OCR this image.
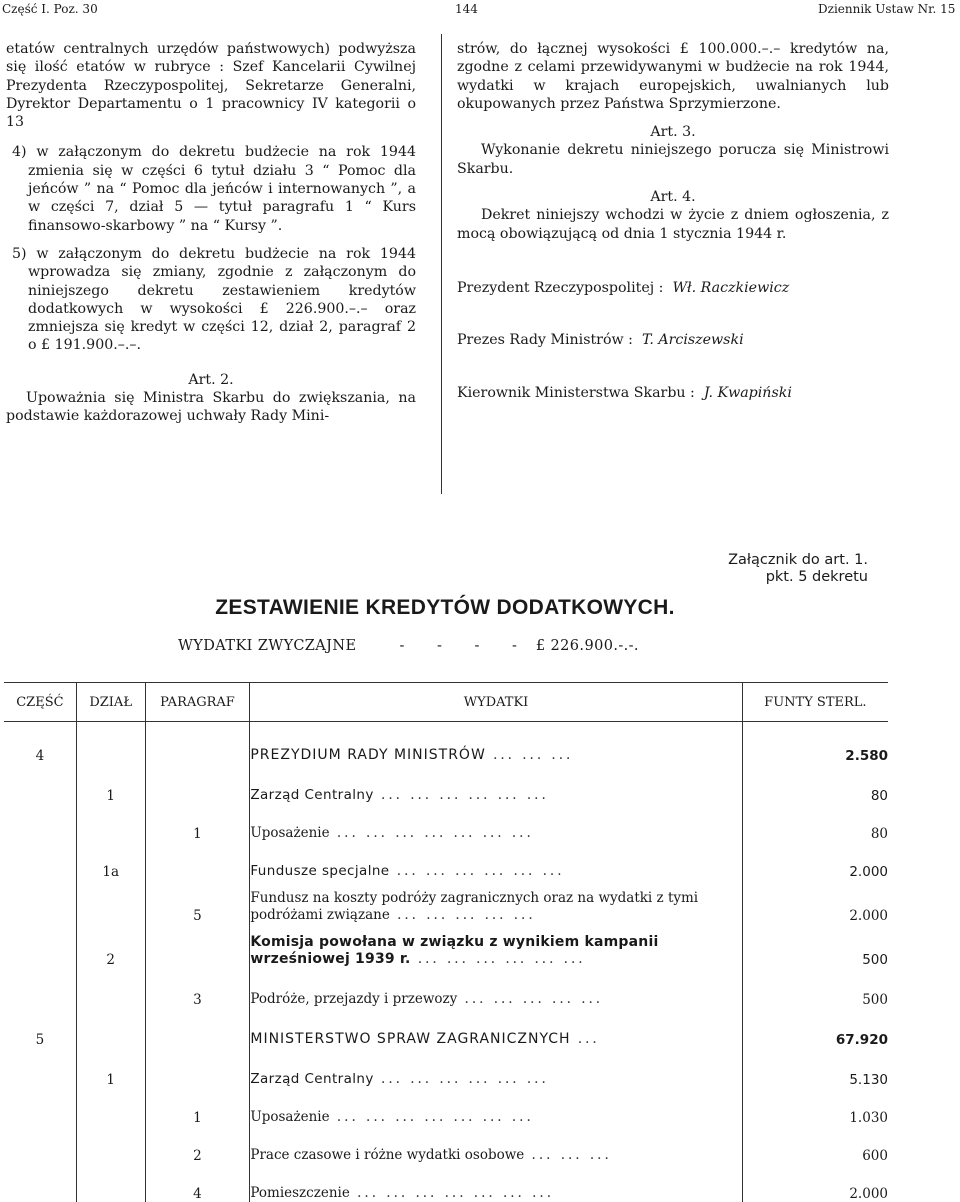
Część I. Poz. 30	144	Dziennik Ustaw Nr. 15

etatów centralnych urzędów państwowych) podwyższa się ilość etatów w rubryce : Szef Kancelarii Cywilnej Prezydenta Rzeczypospolitej, Sekretarze Generalni, Dyrektor Departamentu o 1 pracownicy IV kategorii o 13

4) w załączonym do dekretu budżecie na rok 1944 zmienia się w części 6 tytuł działu 3 “ Pomoc dla jeńców ” na “ Pomoc dla jeńców i internowanych ”, a w części 7, dział 5 — tytuł paragrafu 1 “ Kurs finansowo-skarbowy ” na “ Kursy ”.

5) w załączonym do dekretu budżecie na rok 1944 wprowadza się zmiany, zgodnie z załączonym do niniejszego dekretu zestawieniem kredytów dodatkowych w wysokości £ 226.900.–.– oraz zmniejsza się kredyt w części 12, dział 2, paragraf 2 o £ 191.900.–.–.

Art. 2.

Upoważnia się Ministra Skarbu do zwiększania, na podstawie każdorazowej uchwały Rady Mini-

strów, do łącznej wysokości £ 100.000.–.– kredytów na, zgodne z celami przewidywanymi w budżecie na rok 1944, wydatki w krajach europejskich, uwalnianych lub okupowanych przez Państwa Sprzymierzone.

Art. 3.

Wykonanie dekretu niniejszego porucza się Ministrowi Skarbu.

Art. 4.

Dekret niniejszy wchodzi w życie z dniem ogłoszenia, z mocą obowiązującą od dnia 1 stycznia 1944 r.

Prezydent Rzeczypospolitej : Wł. Raczkiewicz

Prezes Rady Ministrów : T. Arciszewski

Kierownik Ministerstwa Skarbu : J. Kwapiński

Załącznik do art. 1.
pkt. 5 dekretu
ZESTAWIENIE KREDYTÓW DODATKOWYCH.
WYDATKI ZWYCZAJNE	- - - - £ 226.900.-.-.
CZĘŚĆ	DZIAŁ	PARAGRAF	WYDATKI	FUNTY STERL.
4			PREZYDIUM RADY MINISTRÓW ... ... ...	2.580
	1		Zarząd Centralny ... ... ... ... ... ...	80
		1	Uposażenie ... ... ... ... ... ... ...	80
	1a		Fundusze specjalne ... ... ... ... ... ...	2.000
		5	Fundusz na koszty podróży zagranicznych oraz na wydatki z tymi podróżami związane ... ... ... ... ...	2.000
	2		Komisja powołana w związku z wynikiem kampanii wrześniowej 1939 r. ... ... ... ... ... ...	500
		3	Podróże, przejazdy i przewozy ... ... ... ... ...	500
5			MINISTERSTWO SPRAW ZAGRANICZNYCH ...	67.920
	1		Zarząd Centralny ... ... ... ... ... ...	5.130
		1	Uposażenie ... ... ... ... ... ... ...	1.030
		2	Prace czasowe i różne wydatki osobowe ... ... ...	600
		4	Pomieszczenie ... ... ... ... ... ... ...	2.000
